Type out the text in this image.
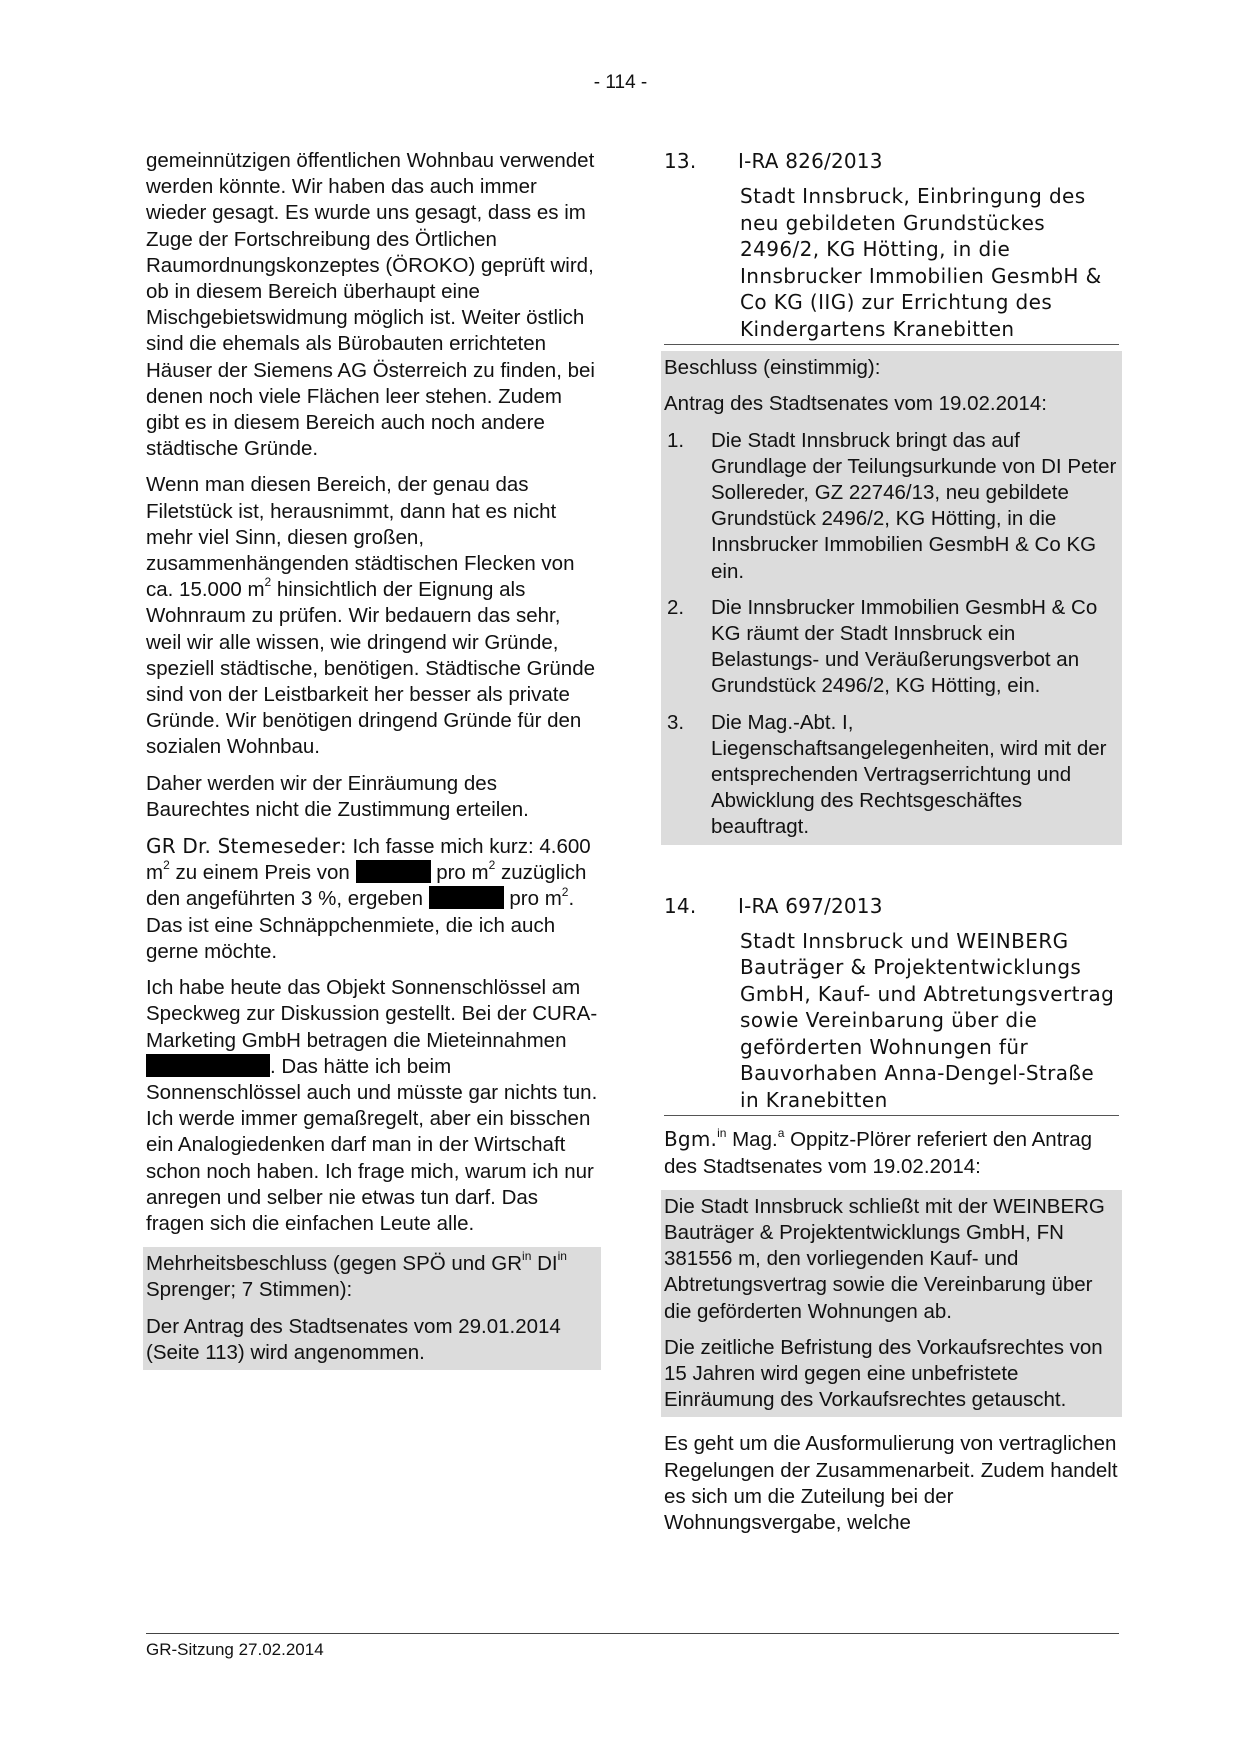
- 114 -

gemeinnützigen öffentlichen Wohnbau verwendet werden könnte. Wir haben das auch immer wieder gesagt. Es wurde uns gesagt, dass es im Zuge der Fortschreibung des Örtlichen Raumordnungskonzeptes (ÖROKO) geprüft wird, ob in diesem Bereich überhaupt eine Mischgebietswidmung möglich ist. Weiter östlich sind die ehemals als Bürobauten errichteten Häuser der Siemens AG Österreich zu finden, bei denen noch viele Flächen leer stehen. Zudem gibt es in diesem Bereich auch noch andere städtische Gründe.

Wenn man diesen Bereich, der genau das Filetstück ist, herausnimmt, dann hat es nicht mehr viel Sinn, diesen großen, zusammenhängenden städtischen Flecken von ca. 15.000 $m^2$ hinsichtlich der Eignung als Wohnraum zu prüfen. Wir bedauern das sehr, weil wir alle wissen, wie dringend wir Gründe, speziell städtische, benötigen. Städtische Gründe sind von der Leistbarkeit her besser als private Gründe. Wir benötigen dringend Gründe für den sozialen Wohnbau.

Daher werden wir der Einräumung des Baurechtes nicht die Zustimmung erteilen.

GR Dr. Stemeseder: Ich fasse mich kurz: 4.600 $m^2$ zu einem Preis von	pro $m^2$ zuzüglich den angeführten 3 %, ergeben	pro $m^2$. Das ist eine Schnäppchenmiete, die ich auch gerne möchte.

Ich habe heute das Objekt Sonnenschlössel am Speckweg zur Diskussion gestellt. Bei der CURA-Marketing GmbH betragen die Mieteinnahmen . Das hätte ich beim Sonnenschlössel auch und müsste gar nichts tun. Ich werde immer gemaßregelt, aber ein bisschen ein Analogiedenken darf man in der Wirtschaft schon noch haben. Ich frage mich, warum ich nur anregen und selber nie etwas tun darf. Das fragen sich die einfachen Leute alle.

Mehrheitsbeschluss (gegen SPÖ und $GR^{in}$ $DI^{in}$ Sprenger; 7 Stimmen):

Der Antrag des Stadtsenates vom 29.01.2014 (Seite 113) wird angenommen.

13. I-RA 826/2013
Stadt Innsbruck, Einbringung des neu gebildeten Grundstückes 2496/2, KG Hötting, in die Innsbrucker Immobilien GesmbH & Co KG (IIG) zur Errichtung des Kindergartens Kranebitten

Beschluss (einstimmig):

Antrag des Stadtsenates vom 19.02.2014:

1. Die Stadt Innsbruck bringt das auf Grundlage der Teilungsurkunde von DI Peter Sollereder, GZ 22746/13, neu gebildete Grundstück 2496/2, KG Hötting, in die Innsbrucker Immobilien GesmbH & Co KG ein.
2. Die Innsbrucker Immobilien GesmbH & Co KG räumt der Stadt Innsbruck ein Belastungs- und Veräußerungsverbot an Grundstück 2496/2, KG Hötting, ein.
3. Die Mag.-Abt. I, Liegenschaftsangelegenheiten, wird mit der entsprechenden Vertragserrichtung und Abwicklung des Rechtsgeschäftes beauftragt.
14. I-RA 697/2013
Stadt Innsbruck und WEINBERG Bauträger & Projektentwicklungs GmbH, Kauf- und Abtretungsvertrag sowie Vereinbarung über die geförderten Wohnungen für Bauvorhaben Anna-Dengel-Straße in Kranebitten

Bgm.$^{in}$ Mag.$^a$ Oppitz-Plörer referiert den Antrag des Stadtsenates vom 19.02.2014:

Die Stadt Innsbruck schließt mit der WEINBERG Bauträger & Projektentwicklungs GmbH, FN 381556 m, den vorliegenden Kauf- und Abtretungsvertrag sowie die Vereinbarung über die geförderten Wohnungen ab.

Die zeitliche Befristung des Vorkaufsrechtes von 15 Jahren wird gegen eine unbefristete Einräumung des Vorkaufsrechtes getauscht.

Es geht um die Ausformulierung von vertraglichen Regelungen der Zusammenarbeit. Zudem handelt es sich um die Zuteilung bei der Wohnungsvergabe, welche

GR-Sitzung 27.02.2014
